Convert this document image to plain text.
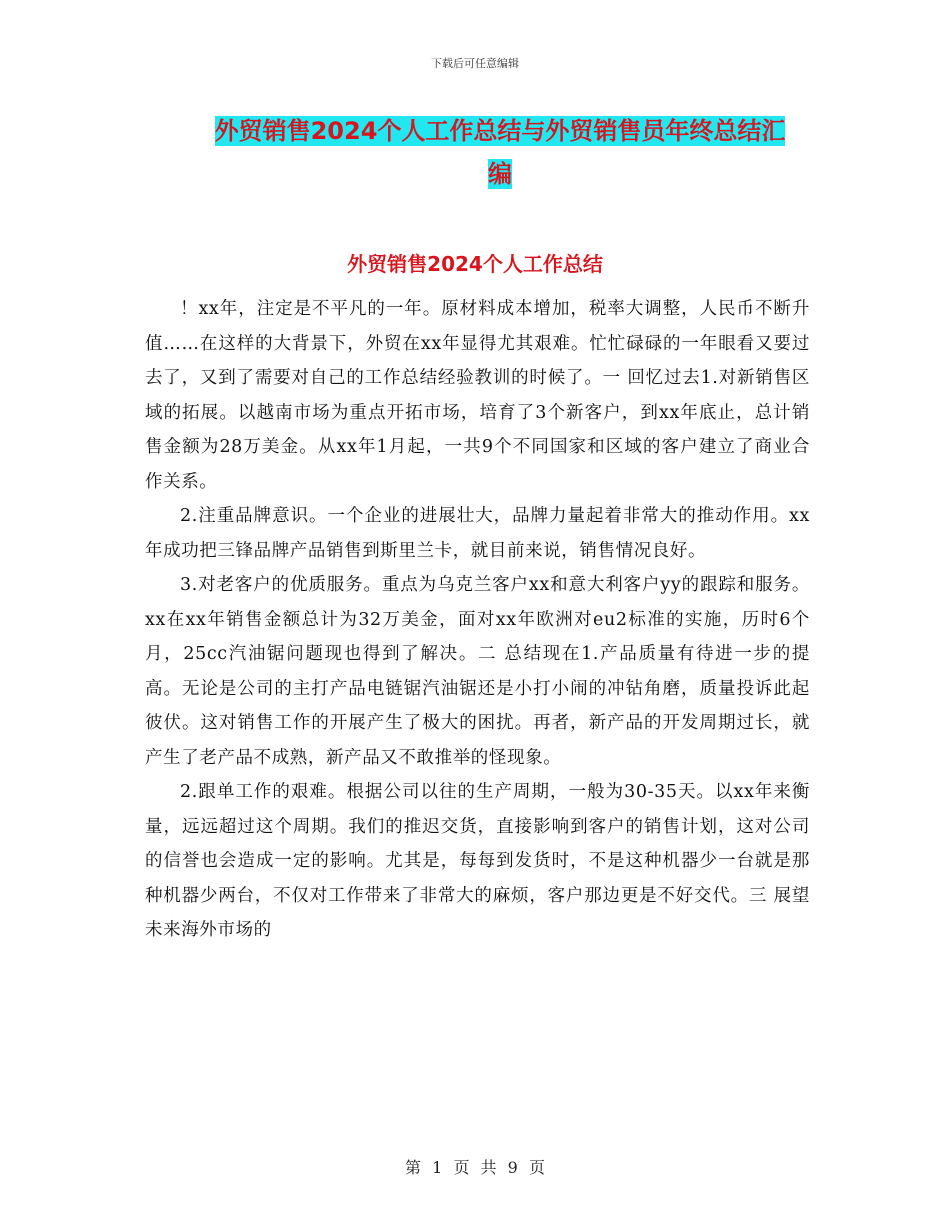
下载后可任意编辑
外贸销售2024个人工作总结与外贸销售员年终总结汇
编
外贸销售2024个人工作总结

！xx年，注定是不平凡的一年。原材料成本增加，税率大调整，人民币不断升值……在这样的大背景下，外贸在xx年显得尤其艰难。忙忙碌碌的一年眼看又要过去了，又到了需要对自己的工作总结经验教训的时候了。一 回忆过去1.对新销售区域的拓展。以越南市场为重点开拓市场，培育了3个新客户，到xx年底止，总计销售金额为28万美金。从xx年1月起，一共9个不同国家和区域的客户建立了商业合作关系。

2.注重品牌意识。一个企业的进展壮大，品牌力量起着非常大的推动作用。xx年成功把三锋品牌产品销售到斯里兰卡，就目前来说，销售情况良好。

3.对老客户的优质服务。重点为乌克兰客户xx和意大利客户yy的跟踪和服务。xx在xx年销售金额总计为32万美金，面对xx年欧洲对eu2标准的实施，历时6个月，25cc汽油锯问题现也得到了解决。二 总结现在1.产品质量有待进一步的提高。无论是公司的主打产品电链锯汽油锯还是小打小闹的冲钻角磨，质量投诉此起彼伏。这对销售工作的开展产生了极大的困扰。再者，新产品的开发周期过长，就产生了老产品不成熟，新产品又不敢推举的怪现象。

2.跟单工作的艰难。根据公司以往的生产周期，一般为30-35天。以xx年来衡量，远远超过这个周期。我们的推迟交货，直接影响到客户的销售计划，这对公司的信誉也会造成一定的影响。尤其是，每每到发货时，不是这种机器少一台就是那种机器少两台，不仅对工作带来了非常大的麻烦，客户那边更是不好交代。三 展望未来海外市场的

第 1 页 共 9 页
